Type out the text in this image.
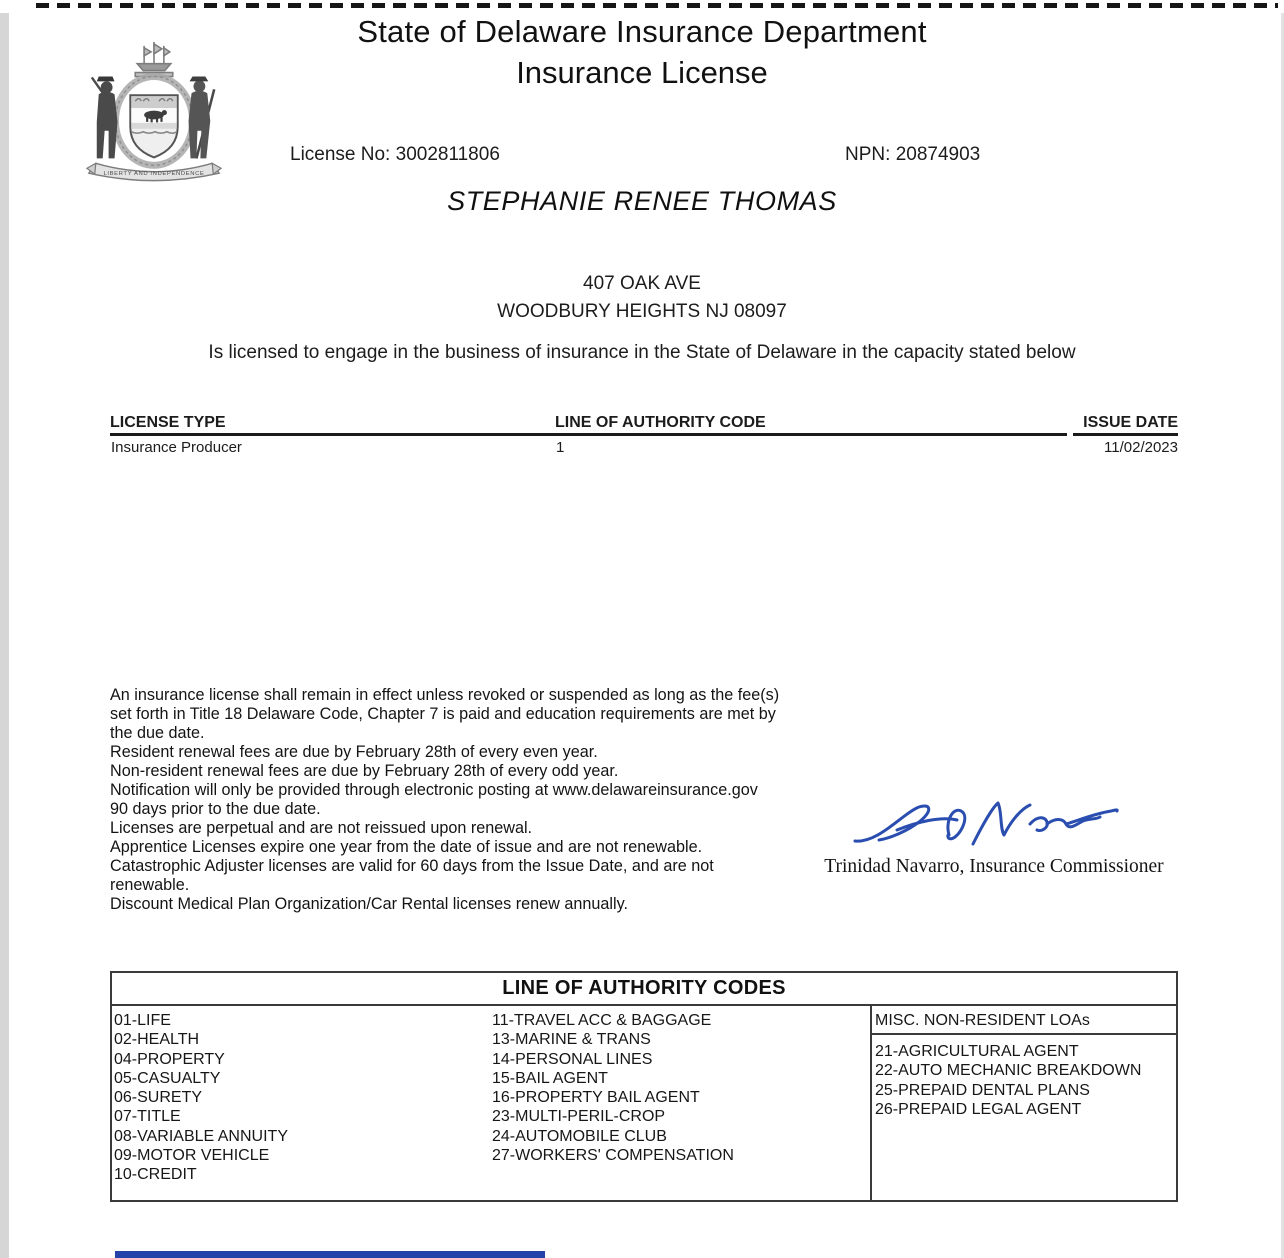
LIBERTY AND INDEPENDENCE
State of Delaware Insurance Department
Insurance License
License No: 3002811806	NPN: 20874903
STEPHANIE RENEE THOMAS
407 OAK AVE
WOODBURY HEIGHTS NJ 08097
Is licensed to engage in the business of insurance in the State of Delaware in the capacity stated below
LICENSE TYPE	LINE OF AUTHORITY CODE	ISSUE DATE
Insurance Producer	1	11/02/2023
An insurance license shall remain in effect unless revoked or suspended as long as the fee(s)
set forth in Title 18 Delaware Code, Chapter 7 is paid and education requirements are met by
the due date.
Resident renewal fees are due by February 28th of every even year.
Non-resident renewal fees are due by February 28th of every odd year.
Notification will only be provided through electronic posting at www.delawareinsurance.gov
90 days prior to the due date.
Licenses are perpetual and are not reissued upon renewal.
Apprentice Licenses expire one year from the date of issue and are not renewable.
Catastrophic Adjuster licenses are valid for 60 days from the Issue Date, and are not
renewable.
Discount Medical Plan Organization/Car Rental licenses renew annually.
Trinidad Navarro, Insurance Commissioner
LINE OF AUTHORITY CODES
01-LIFE
02-HEALTH
04-PROPERTY
05-CASUALTY
06-SURETY
07-TITLE
08-VARIABLE ANNUITY
09-MOTOR VEHICLE
10-CREDIT
11-TRAVEL ACC & BAGGAGE
13-MARINE & TRANS
14-PERSONAL LINES
15-BAIL AGENT
16-PROPERTY BAIL AGENT
23-MULTI-PERIL-CROP
24-AUTOMOBILE CLUB
27-WORKERS' COMPENSATION
MISC. NON-RESIDENT LOAs
21-AGRICULTURAL AGENT
22-AUTO MECHANIC BREAKDOWN
25-PREPAID DENTAL PLANS
26-PREPAID LEGAL AGENT
